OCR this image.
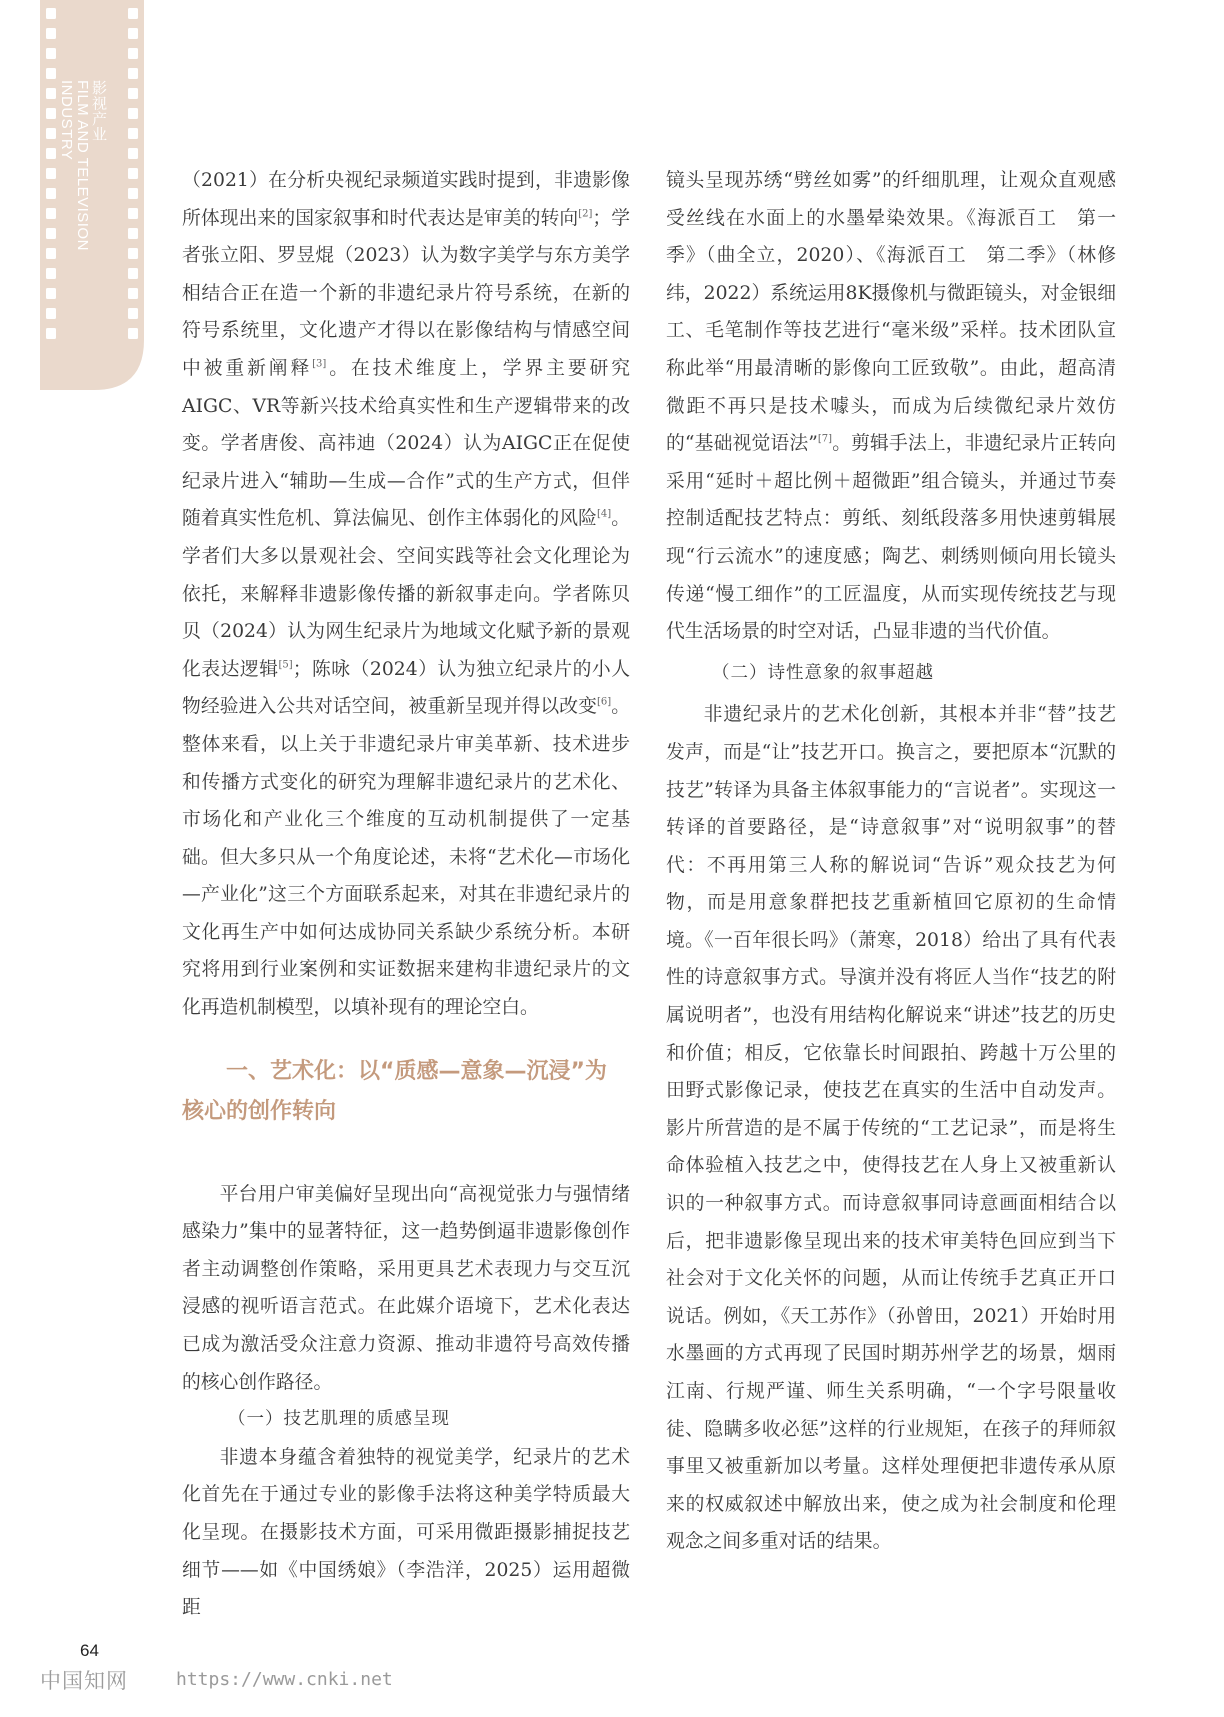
影视产业
FILM AND TELEVISION
INDUSTRY

（2021）在分析央视纪录频道实践时提到，非遗影像所体现出来的国家叙事和时代表达是审美的转向[2]；学者张立阳、罗昱焜（2023）认为数字美学与东方美学相结合正在造一个新的非遗纪录片符号系统，在新的符号系统里，文化遗产才得以在影像结构与情感空间中被重新阐释[3]。在技术维度上，学界主要研究AIGC、VR等新兴技术给真实性和生产逻辑带来的改变。学者唐俊、高祎迪（2024）认为AIGC正在促使纪录片进入“辅助—生成—合作”式的生产方式，但伴随着真实性危机、算法偏见、创作主体弱化的风险[4]。学者们大多以景观社会、空间实践等社会文化理论为依托，来解释非遗影像传播的新叙事走向。学者陈贝贝（2024）认为网生纪录片为地域文化赋予新的景观化表达逻辑[5]；陈咏（2024）认为独立纪录片的小人物经验进入公共对话空间，被重新呈现并得以改变[6]。整体来看，以上关于非遗纪录片审美革新、技术进步和传播方式变化的研究为理解非遗纪录片的艺术化、市场化和产业化三个维度的互动机制提供了一定基础。但大多只从一个角度论述，未将“艺术化—市场化—产业化”这三个方面联系起来，对其在非遗纪录片的文化再生产中如何达成协同关系缺少系统分析。本研究将用到行业案例和实证数据来建构非遗纪录片的文化再造机制模型，以填补现有的理论空白。

一、艺术化：以“质感—意象—沉浸”为
核心的创作转向

平台用户审美偏好呈现出向“高视觉张力与强情绪感染力”集中的显著特征，这一趋势倒逼非遗影像创作者主动调整创作策略，采用更具艺术表现力与交互沉浸感的视听语言范式。在此媒介语境下，艺术化表达已成为激活受众注意力资源、推动非遗符号高效传播的核心创作路径。

（一）技艺肌理的质感呈现

非遗本身蕴含着独特的视觉美学，纪录片的艺术化首先在于通过专业的影像手法将这种美学特质最大化呈现。在摄影技术方面，可采用微距摄影捕捉技艺细节——如《中国绣娘》（李浩洋，2025）运用超微距

镜头呈现苏绣“劈丝如雾”的纤细肌理，让观众直观感受丝线在水面上的水墨晕染效果。《海派百工　第一季》（曲全立，2020）、《海派百工　第二季》（林修纬，2022）系统运用8K摄像机与微距镜头，对金银细工、毛笔制作等技艺进行“毫米级”采样。技术团队宣称此举“用最清晰的影像向工匠致敬”。由此，超高清微距不再只是技术噱头，而成为后续微纪录片效仿的“基础视觉语法”[7]。剪辑手法上，非遗纪录片正转向采用“延时＋超比例＋超微距”组合镜头，并通过节奏控制适配技艺特点：剪纸、刻纸段落多用快速剪辑展现“行云流水”的速度感；陶艺、刺绣则倾向用长镜头传递“慢工细作”的工匠温度，从而实现传统技艺与现代生活场景的时空对话，凸显非遗的当代价值。

（二）诗性意象的叙事超越

非遗纪录片的艺术化创新，其根本并非“替”技艺发声，而是“让”技艺开口。换言之，要把原本“沉默的技艺”转译为具备主体叙事能力的“言说者”。实现这一转译的首要路径，是“诗意叙事”对“说明叙事”的替代：不再用第三人称的解说词“告诉”观众技艺为何物，而是用意象群把技艺重新植回它原初的生命情境。《一百年很长吗》（萧寒，2018）给出了具有代表性的诗意叙事方式。导演并没有将匠人当作“技艺的附属说明者”，也没有用结构化解说来“讲述”技艺的历史和价值；相反，它依靠长时间跟拍、跨越十万公里的田野式影像记录，使技艺在真实的生活中自动发声。影片所营造的是不属于传统的“工艺记录”，而是将生命体验植入技艺之中，使得技艺在人身上又被重新认识的一种叙事方式。而诗意叙事同诗意画面相结合以后，把非遗影像呈现出来的技术审美特色回应到当下社会对于文化关怀的问题，从而让传统手艺真正开口说话。例如，《天工苏作》（孙曾田，2021）开始时用水墨画的方式再现了民国时期苏州学艺的场景，烟雨江南、行规严谨、师生关系明确，“一个字号限量收徒、隐瞒多收必惩”这样的行业规矩，在孩子的拜师叙事里又被重新加以考量。这样处理便把非遗传承从原来的权威叙述中解放出来，使之成为社会制度和伦理观念之间多重对话的结果。

64
中国知网	https://www.cnki.net
